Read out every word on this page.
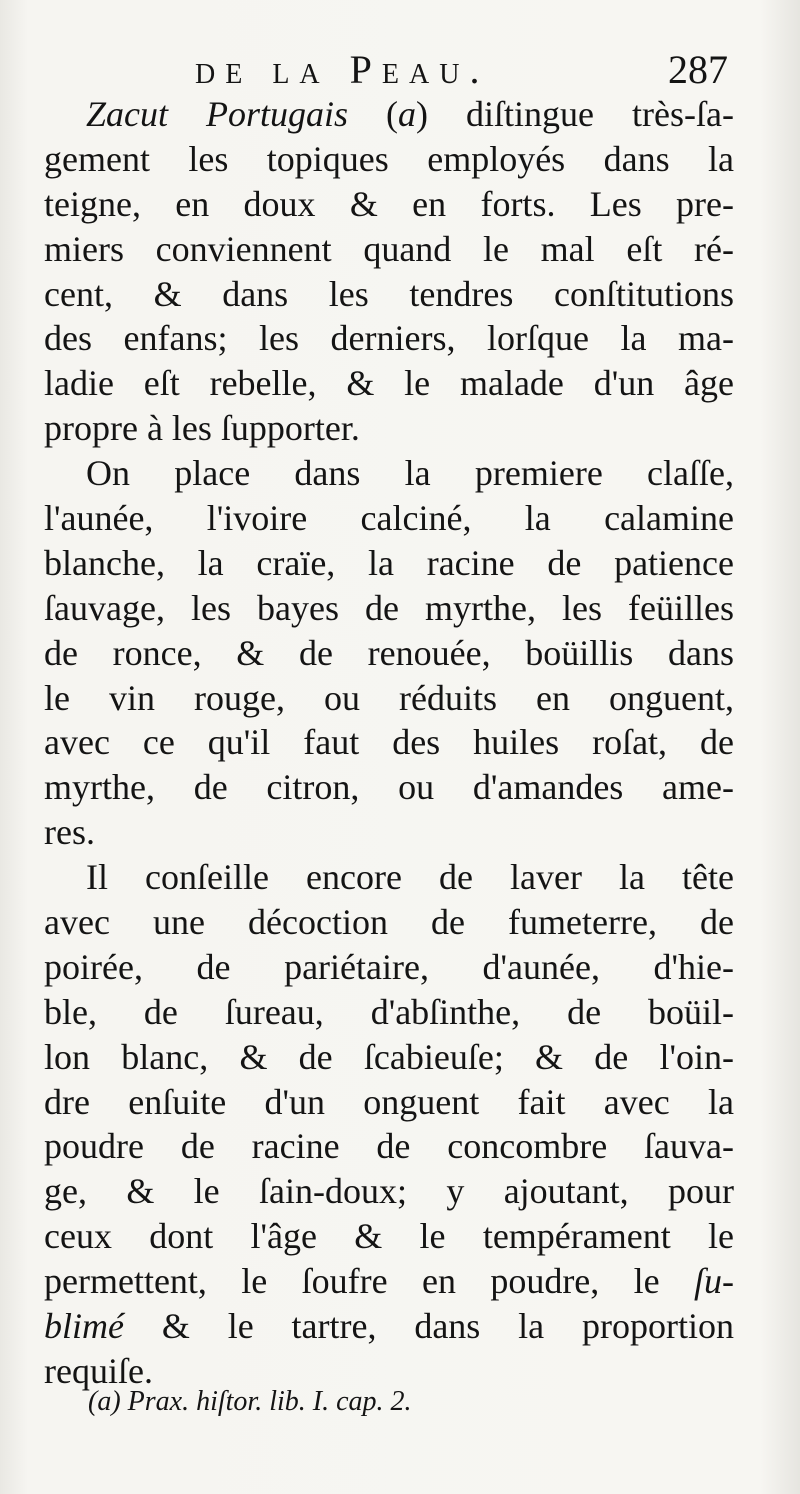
de la Peau.	287
Zacut Portugais (a) diſtingue très-ſa-
gement les topiques employés dans la
teigne, en doux & en forts. Les pre-
miers conviennent quand le mal eſt ré-
cent, & dans les tendres conſtitutions
des enfans; les derniers, lorſque la ma-
ladie eſt rebelle, & le malade d'un âge
propre à les ſupporter.
On place dans la premiere claſſe,
l'aunée, l'ivoire calciné, la calamine
blanche, la craïe, la racine de patience
ſauvage, les bayes de myrthe, les feüilles
de ronce, & de renouée, boüillis dans
le vin rouge, ou réduits en onguent,
avec ce qu'il faut des huiles roſat, de
myrthe, de citron, ou d'amandes ame-
res.
Il conſeille encore de laver la tête
avec une décoction de fumeterre, de
poirée, de pariétaire, d'aunée, d'hie-
ble, de ſureau, d'abſinthe, de boüil-
lon blanc, & de ſcabieuſe; & de l'oin-
dre enſuite d'un onguent fait avec la
poudre de racine de concombre ſauva-
ge, & le ſain-doux; y ajoutant, pour
ceux dont l'âge & le tempérament le
permettent, le ſoufre en poudre, le ſu-
blimé & le tartre, dans la proportion
requiſe.
(a) Prax. hiſtor. lib. I. cap. 2.
